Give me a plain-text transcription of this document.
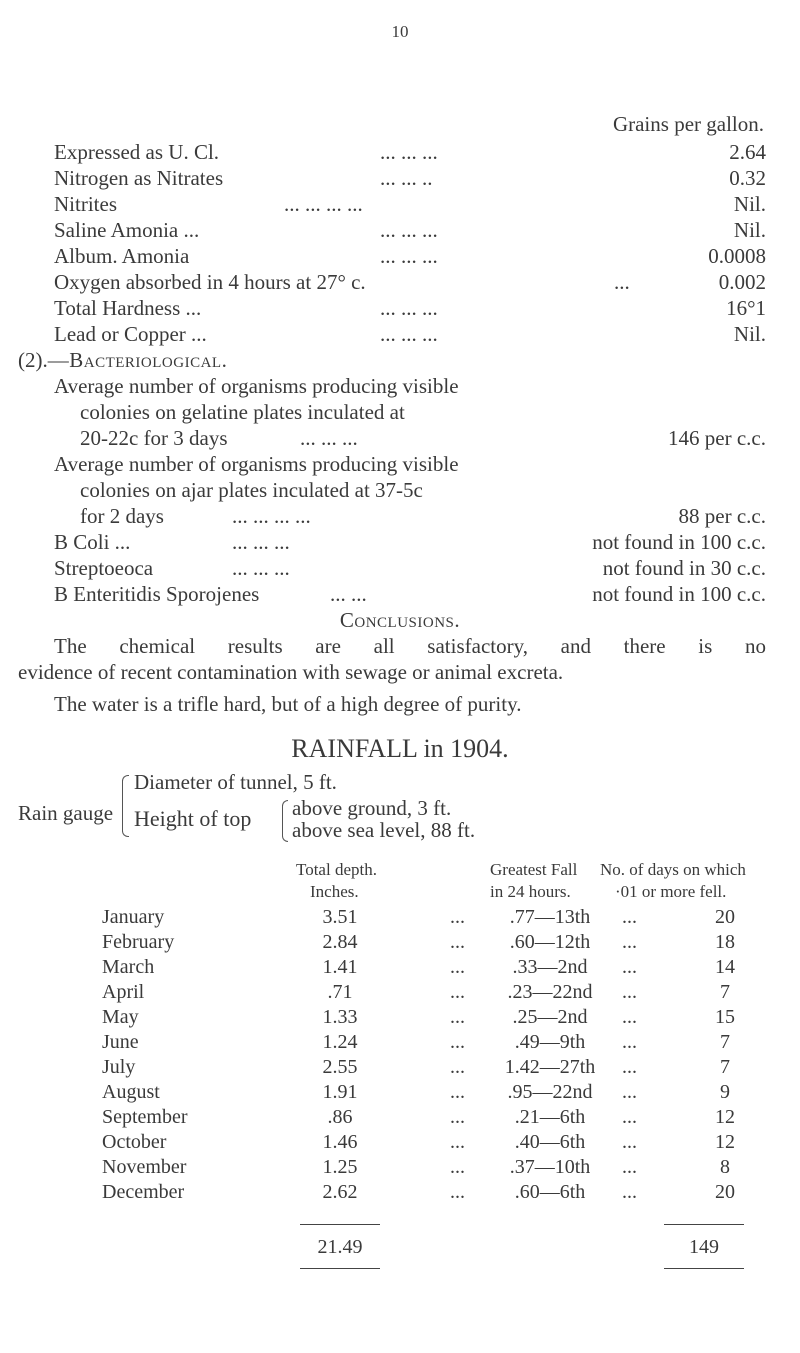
10
Grains per gallon.
Expressed as U. Cl.	... ... ...	2.64
Nitrogen as Nitrates	... ... ..	0.32
Nitrites	... ... ... ...	Nil.
Saline Amonia ...	... ... ...	Nil.
Album. Amonia	... ... ...	0.0008
Oxygen absorbed in 4 hours at 27° c.	...	0.002
Total Hardness ...	... ... ...	16°1
Lead or Copper ...	... ... ...	Nil.
(2).—Bacteriological.
Average number of organisms producing visible
colonies on gelatine plates inculated at
20-22c for 3 days	... ... ...	146 per c.c.
Average number of organisms producing visible
colonies on ajar plates inculated at 37-5c
for 2 days	... ... ... ...	88 per c.c.
B Coli ...	... ... ...	not found in 100 c.c.
Streptoeoca	... ... ...	not found in 30 c.c.
B Enteritidis Sporojenes	... ...	not found in 100 c.c.
Conclusions.
The chemical results are all satisfactory, and there is no
evidence of recent contamination with sewage or animal excreta.
The water is a trifle hard, but of a high degree of purity.
RAINFALL in 1904.
Rain gauge
Diameter of tunnel, 5 ft.
Height of top above ground, 3 ft.
above sea level, 88 ft.
Total depth.
Inches.
Greatest Fall
in 24 hours.
No. of days on which
·01 or more fell.
January	3.51	...	.77—13th	...	20
February	2.84	...	.60—12th	...	18
March	1.41	...	.33—2nd	...	14
April	.71	...	.23—22nd	...	7
May	1.33	...	.25—2nd	...	15
June	1.24	...	.49—9th	...	7
July	2.55	...	1.42—27th	...	7
August	1.91	...	.95—22nd	...	9
September	.86	...	.21—6th	...	12
October	1.46	...	.40—6th	...	12
November	1.25	...	.37—10th	...	8
December	2.62	...	.60—6th	...	20
21.49	149
